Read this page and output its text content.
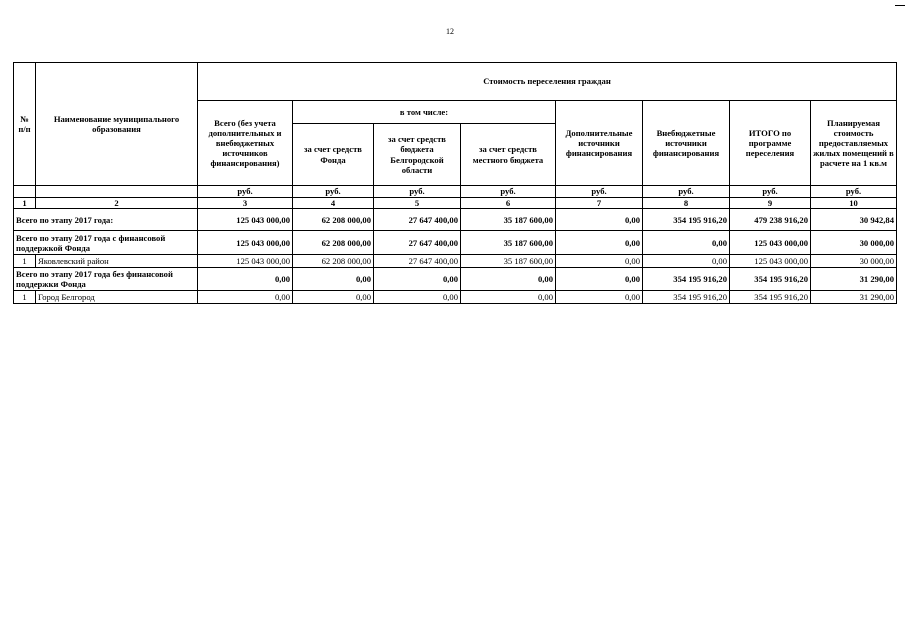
12
№ п/п	Наименование муниципального образования	Стоимость переселения граждан							
		Всего (без учета дополнительных и внебюджетных источников финансирования)	в том числе:			Дополнительные источники финансирования	Внебюджетные источники финансирования	ИТОГО по программе переселения	Планируемая стоимость предоставляемых жилых помещений в расчете на 1 кв.м
			за счет средств Фонда	за счет средств бюджета Белгородской области	за счет средств местного бюджета				
		руб.	руб.	руб.	руб.	руб.	руб.	руб.	руб.
1	2	3	4	5	6	7	8	9	10
Всего по этапу 2017 года:		125 043 000,00	62 208 000,00	27 647 400,00	35 187 600,00	0,00	354 195 916,20	479 238 916,20	30 942,84
Всего по этапу 2017 года с финансовой поддержкой Фонда		125 043 000,00	62 208 000,00	27 647 400,00	35 187 600,00	0,00	0,00	125 043 000,00	30 000,00
1	Яковлевский район	125 043 000,00	62 208 000,00	27 647 400,00	35 187 600,00	0,00	0,00	125 043 000,00	30 000,00
Всего по этапу 2017 года без финансовой поддержки Фонда		0,00	0,00	0,00	0,00	0,00	354 195 916,20	354 195 916,20	31 290,00
1	Город Белгород	0,00	0,00	0,00	0,00	0,00	354 195 916,20	354 195 916,20	31 290,00
